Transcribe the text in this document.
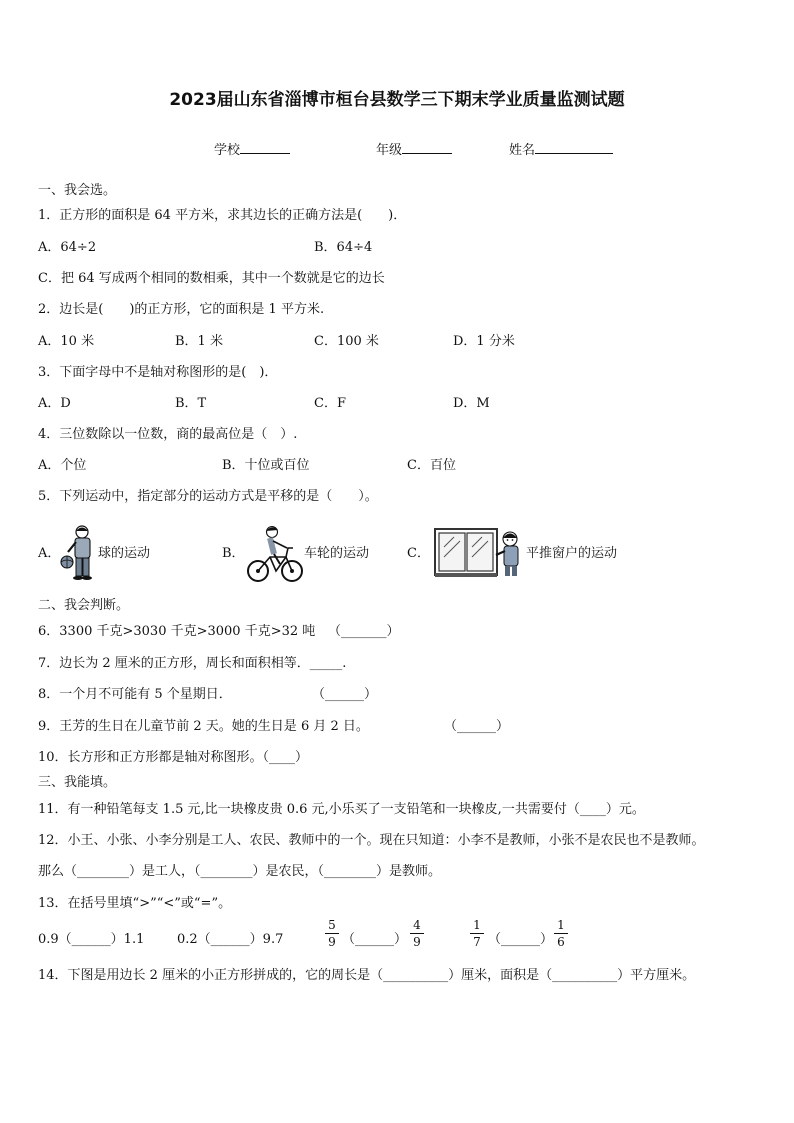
2023届山东省淄博市桓台县数学三下期末学业质量监测试题
学校	年级	姓名
一、我会选。
1．正方形的面积是 64 平方米，求其边长的正确方法是(　　)．
A．64÷2	B．64÷4
C．把 64 写成两个相同的数相乘，其中一个数就是它的边长
2．边长是(　　)的正方形，它的面积是 1 平方米.
A．10 米	B．1 米	C．100 米	D．1 分米
3．下面字母中不是轴对称图形的是(　)．
A．D	B．T	C．F	D．M
4．三位数除以一位数，商的最高位是（　）.
A．个位	B．十位或百位	C．百位
5．下列运动中，指定部分的运动方式是平移的是（　　）。
A．	球的运动	B．	车轮的运动	C．	平推窗户的运动
二、我会判断。
6．3300 千克>3030 千克>3000 千克>32 吨 （_______）
7．边长为 2 厘米的正方形，周长和面积相等．_____.
8．一个月不可能有 5 个星期日．	（______）
9．王芳的生日在儿童节前 2 天。她的生日是 6 月 2 日。	（______）
10．长方形和正方形都是轴对称图形。（____）
三、我能填。
11．有一种铅笔每支 1.5 元,比一块橡皮贵 0.6 元,小乐买了一支铅笔和一块橡皮,一共需要付（____）元。
12．小王、小张、小李分别是工人、农民、教师中的一个。现在只知道：小李不是教师，小张不是农民也不是教师。
那么（________）是工人，（________）是农民，（________）是教师。
13．在括号里填“>”“<”或“=”。
0.9（______）1.1	0.2（______）9.7
5
9 （______）
4
9
1
7 （______）
1
6
14．下图是用边长 2 厘米的小正方形拼成的，它的周长是（__________）厘米，面积是（__________）平方厘米。
